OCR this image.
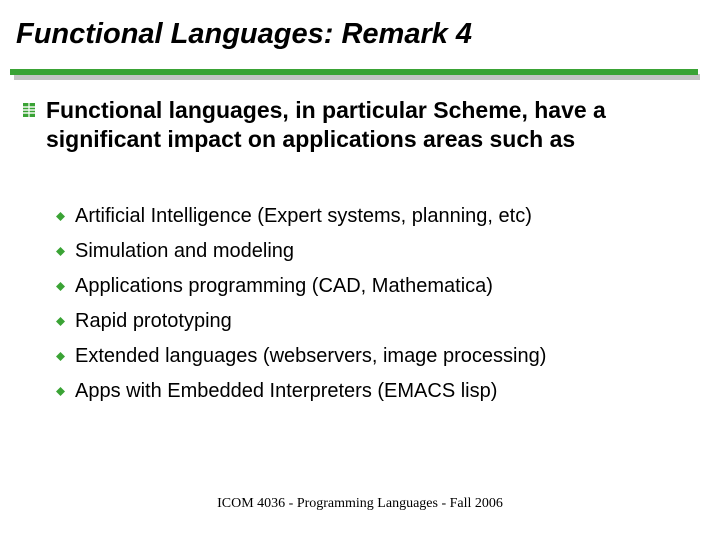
Functional Languages: Remark 4
Functional languages, in particular Scheme, have a significant impact on applications areas such as
Artificial Intelligence (Expert systems, planning, etc)
Simulation and modeling
Applications programming (CAD, Mathematica)
Rapid prototyping
Extended languages (webservers, image processing)
Apps with Embedded Interpreters (EMACS lisp)
ICOM 4036 - Programming Languages - Fall 2006
